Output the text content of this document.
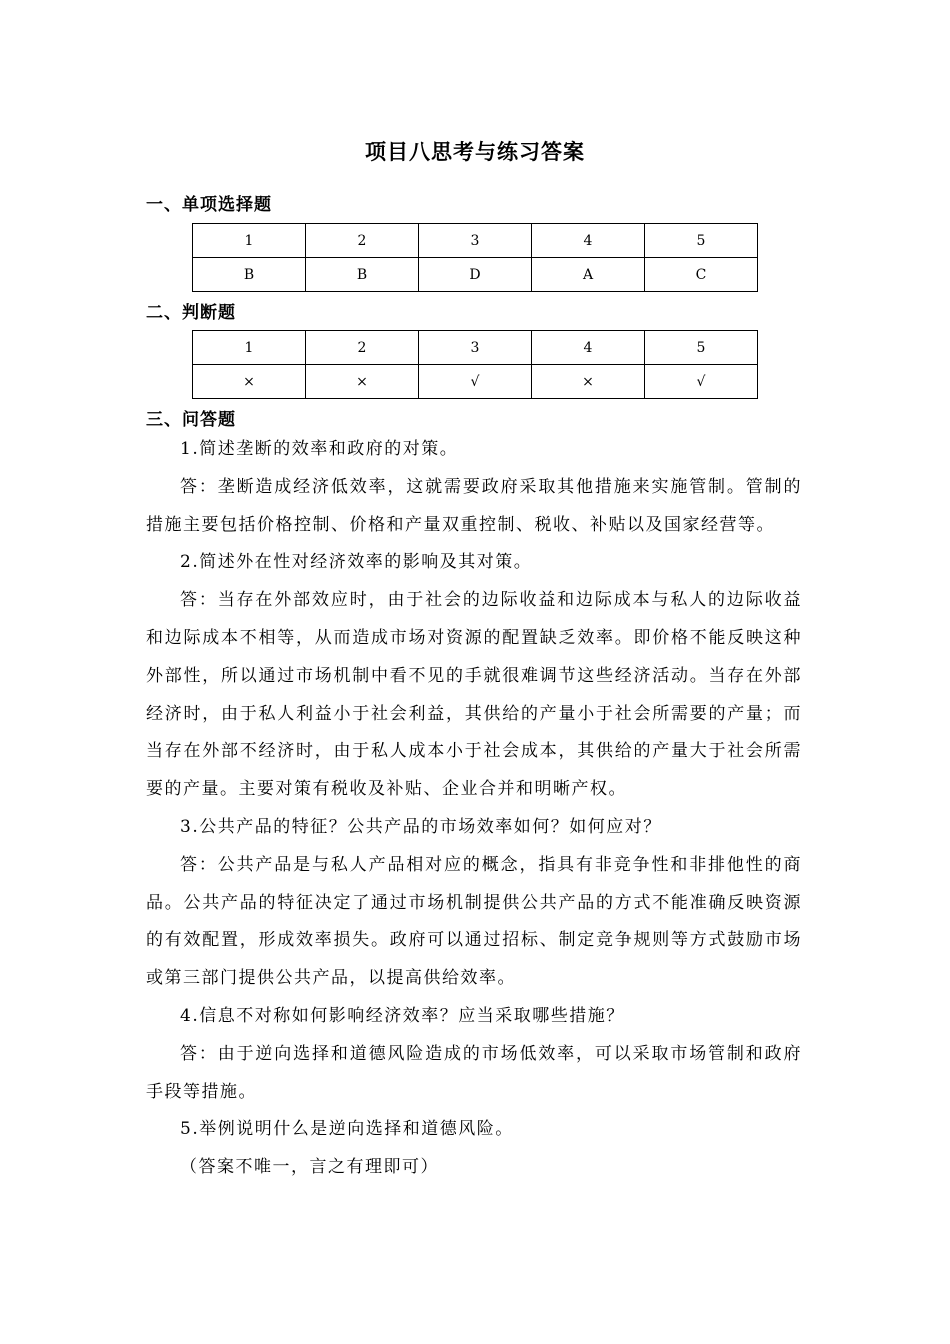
项目八思考与练习答案
一、单项选择题
1	2	3	4	5
B	B	D	A	C
二、判断题
1	2	3	4	5
×	×	√	×	√
三、问答题

1.简述垄断的效率和政府的对策。

答：垄断造成经济低效率，这就需要政府采取其他措施来实施管制。管制的措施主要包括价格控制、价格和产量双重控制、税收、补贴以及国家经营等。

2.简述外在性对经济效率的影响及其对策。

答：当存在外部效应时，由于社会的边际收益和边际成本与私人的边际收益和边际成本不相等，从而造成市场对资源的配置缺乏效率。即价格不能反映这种外部性，所以通过市场机制中看不见的手就很难调节这些经济活动。当存在外部经济时，由于私人利益小于社会利益，其供给的产量小于社会所需要的产量；而当存在外部不经济时，由于私人成本小于社会成本，其供给的产量大于社会所需要的产量。主要对策有税收及补贴、企业合并和明晰产权。

3.公共产品的特征？公共产品的市场效率如何？如何应对？

答：公共产品是与私人产品相对应的概念，指具有非竞争性和非排他性的商品。公共产品的特征决定了通过市场机制提供公共产品的方式不能准确反映资源的有效配置，形成效率损失。政府可以通过招标、制定竞争规则等方式鼓励市场或第三部门提供公共产品，以提高供给效率。

4.信息不对称如何影响经济效率？应当采取哪些措施？

答：由于逆向选择和道德风险造成的市场低效率，可以采取市场管制和政府手段等措施。

5.举例说明什么是逆向选择和道德风险。

（答案不唯一，言之有理即可）
